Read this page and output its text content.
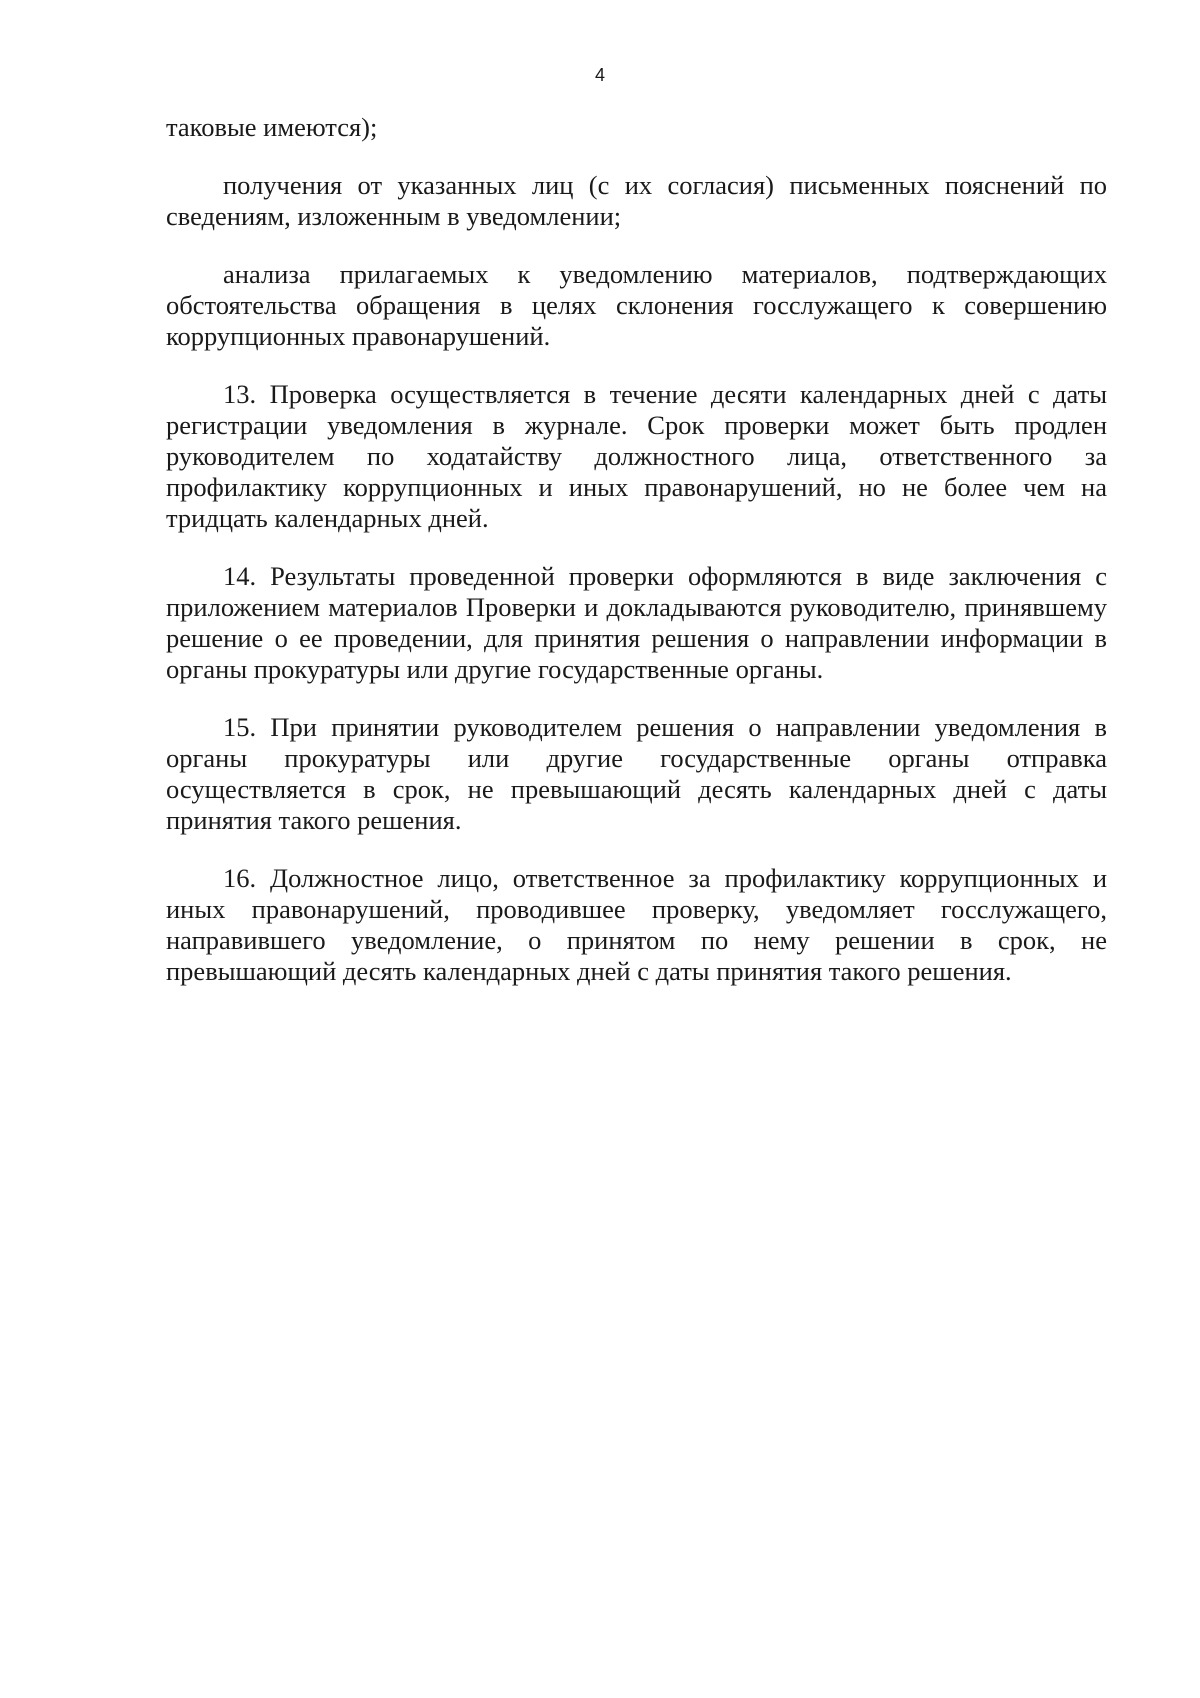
4

таковые имеются);

получения от указанных лиц (с их согласия) письменных пояснений по сведениям, изложенным в уведомлении;

анализа прилагаемых к уведомлению материалов, подтверждающих обстоятельства обращения в целях склонения госслужащего к совершению коррупционных правонарушений.

13. Проверка осуществляется в течение десяти календарных дней с даты регистрации уведомления в журнале. Срок проверки может быть продлен руководителем по ходатайству должностного лица, ответственного за профилактику коррупционных и иных правонарушений, но не более чем на тридцать календарных дней.

14. Результаты проведенной проверки оформляются в виде заключения с приложением материалов Проверки и докладываются руководителю, принявшему решение о ее проведении, для принятия решения о направлении информации в органы прокуратуры или другие государственные органы.

15. При принятии руководителем решения о направлении уведомления в органы прокуратуры или другие государственные органы отправка осуществляется в срок, не превышающий десять календарных дней с даты принятия такого решения.

16. Должностное лицо, ответственное за профилактику коррупционных и иных правонарушений, проводившее проверку, уведомляет госслужащего, направившего уведомление, о принятом по нему решении в срок, не превышающий десять календарных дней с даты принятия такого решения.
